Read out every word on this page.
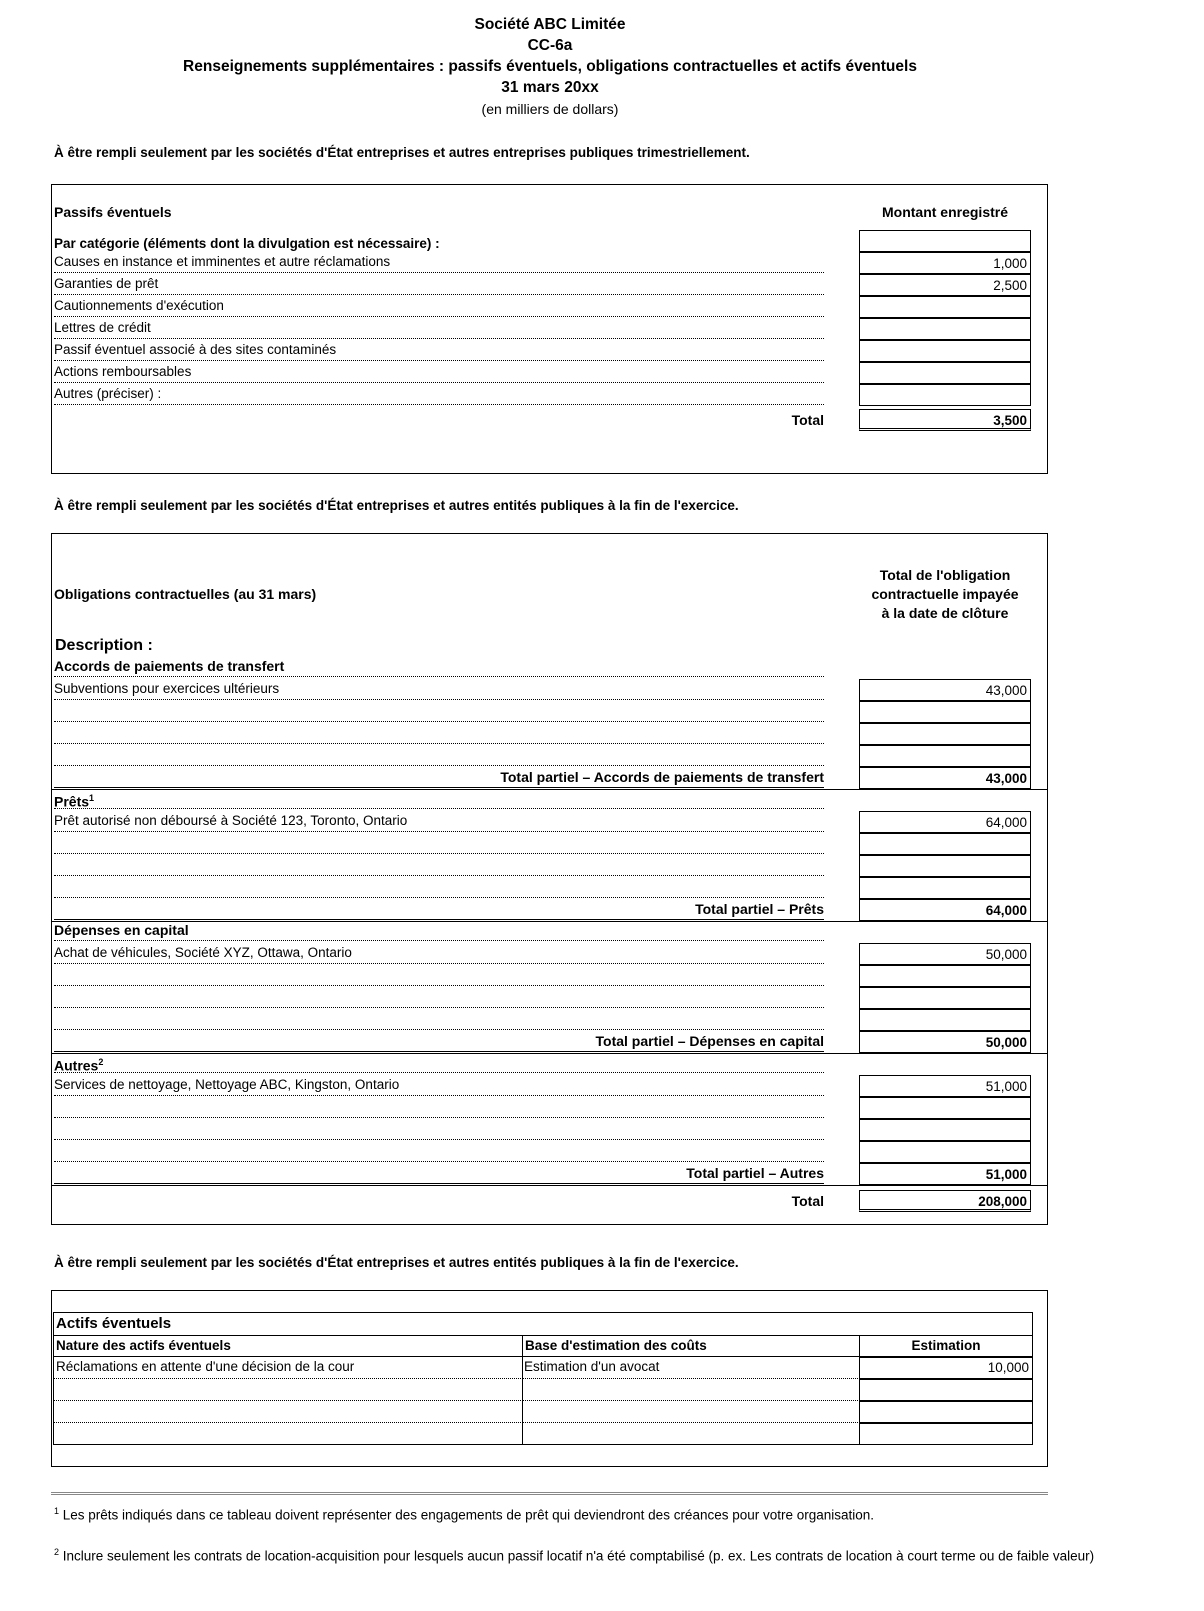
Société ABC Limitée
CC-6a
Renseignements supplémentaires : passifs éventuels, obligations contractuelles et actifs éventuels
31 mars 20xx
(en milliers de dollars)
À être rempli seulement par les sociétés d'État entreprises et autres entreprises publiques trimestriellement.
Passifs éventuels	Montant enregistré
Par catégorie (éléments dont la divulgation est nécessaire) :
Causes en instance et imminentes et autre réclamations	1,000
Garanties de prêt	2,500
Cautionnements d'exécution
Lettres de crédit
Passif éventuel associé à des sites contaminés
Actions remboursables
Autres (préciser) :
Total	3,500
À être rempli seulement par les sociétés d'État entreprises et autres entités publiques à la fin de l'exercice.
Obligations contractuelles (au 31 mars)
Total de l'obligation
contractuelle impayée
à la date de clôture
Description :
Accords de paiements de transfert
Subventions pour exercices ultérieurs	43,000
Total partiel – Accords de paiements de transfert	43,000
Prêts$^1$
Prêt autorisé non déboursé à Société 123, Toronto, Ontario	64,000
Total partiel – Prêts	64,000
Dépenses en capital
Achat de véhicules, Société XYZ, Ottawa, Ontario	50,000
Total partiel – Dépenses en capital	50,000
Autres$^2$
Services de nettoyage, Nettoyage ABC, Kingston, Ontario	51,000
Total partiel – Autres	51,000
Total	208,000
À être rempli seulement par les sociétés d'État entreprises et autres entités publiques à la fin de l'exercice.
Actifs éventuels
Nature des actifs éventuels	Base d'estimation des coûts	Estimation
Réclamations en attente d'une décision de la cour	Estimation d'un avocat	10,000
$^1$ Les prêts indiqués dans ce tableau doivent représenter des engagements de prêt qui deviendront des créances pour votre organisation.
$^2$ Inclure seulement les contrats de location-acquisition pour lesquels aucun passif locatif n'a été comptabilisé (p. ex. Les contrats de location à court terme ou de faible valeur)
